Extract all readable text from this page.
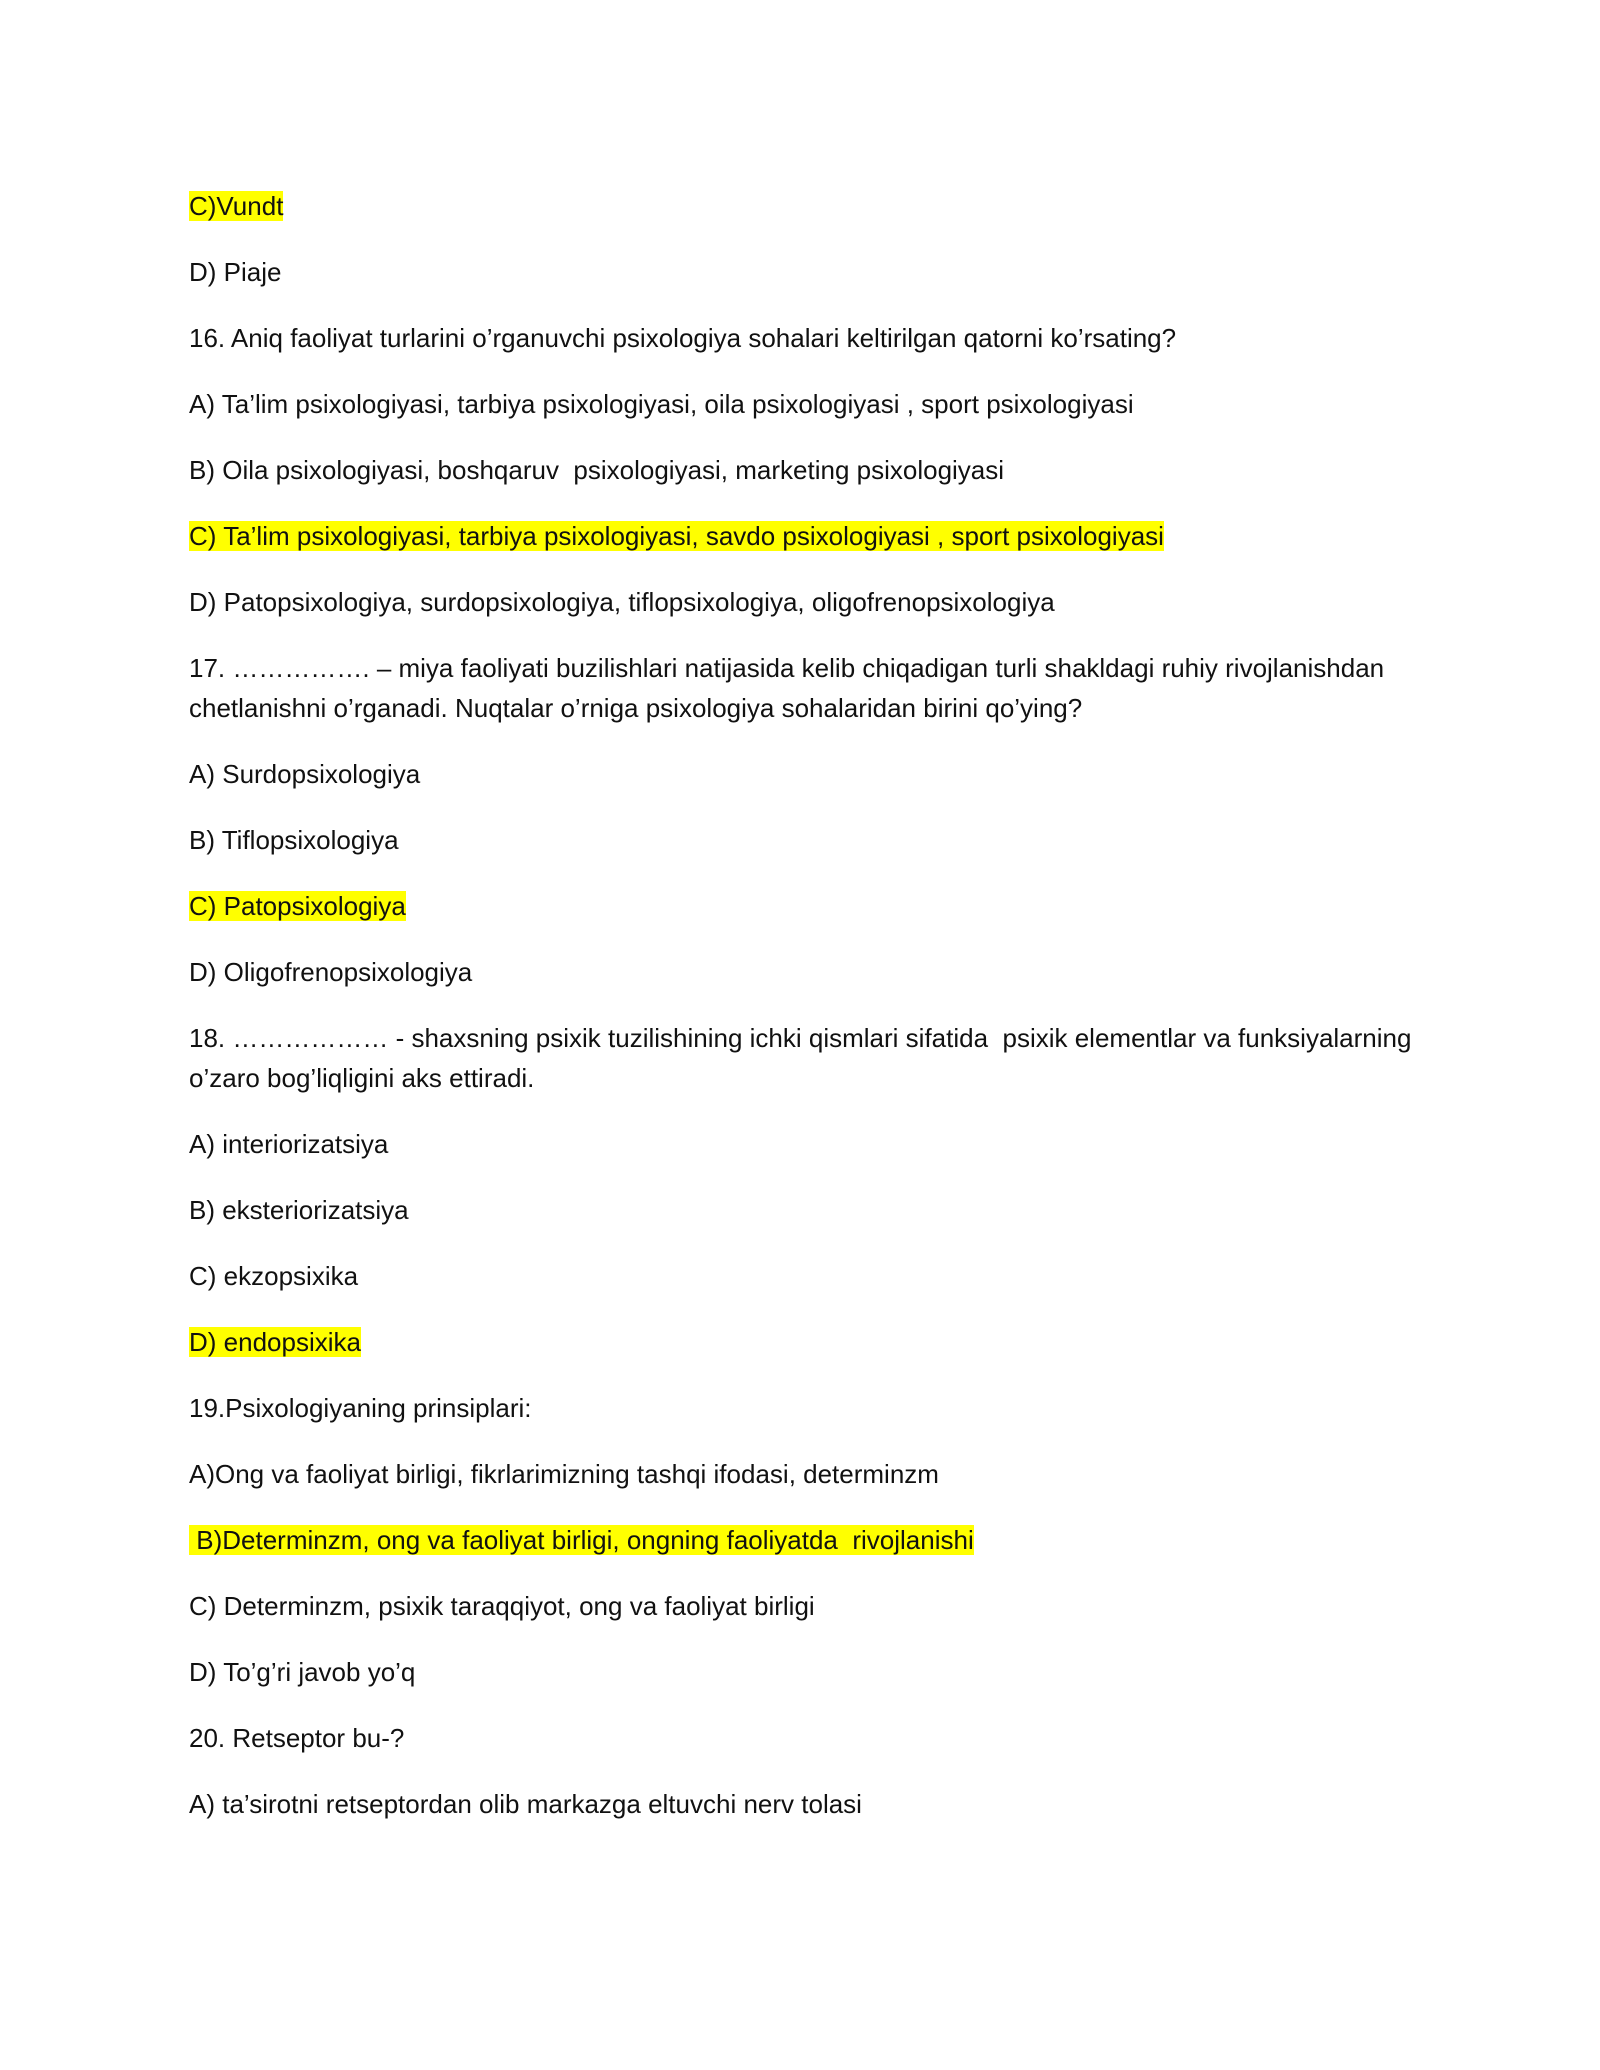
C)Vundt
D) Piaje
16. Aniq faoliyat turlarini o’rganuvchi psixologiya sohalari keltirilgan qatorni ko’rsating?
A) Ta’lim psixologiyasi, tarbiya psixologiyasi, oila psixologiyasi , sport psixologiyasi
B) Oila psixologiyasi, boshqaruv  psixologiyasi, marketing psixologiyasi
C) Ta’lim psixologiyasi, tarbiya psixologiyasi, savdo psixologiyasi , sport psixologiyasi
D) Patopsixologiya, surdopsixologiya, tiflopsixologiya, oligofrenopsixologiya
17. ……………. – miya faoliyati buzilishlari natijasida kelib chiqadigan turli shakldagi ruhiy rivojlanishdan
chetlanishni o’rganadi. Nuqtalar o’rniga psixologiya sohalaridan birini qo’ying?
A) Surdopsixologiya
B) Tiflopsixologiya
C) Patopsixologiya
D) Oligofrenopsixologiya
18. ……………… - shaxsning psixik tuzilishining ichki qismlari sifatida  psixik elementlar va funksiyalarning
o’zaro bog’liqligini aks ettiradi.
A) interiorizatsiya
B) eksteriorizatsiya
C) ekzopsixika
D) endopsixika
19.Psixologiyaning prinsiplari:
A)Ong va faoliyat birligi, fikrlarimizning tashqi ifodasi, determinzm
B)Determinzm, ong va faoliyat birligi, ongning faoliyatda  rivojlanishi
C) Determinzm, psixik taraqqiyot, ong va faoliyat birligi
D) To’g’ri javob yo’q
20. Retseptor bu-?
A) ta’sirotni retseptordan olib markazga eltuvchi nerv tolasi
